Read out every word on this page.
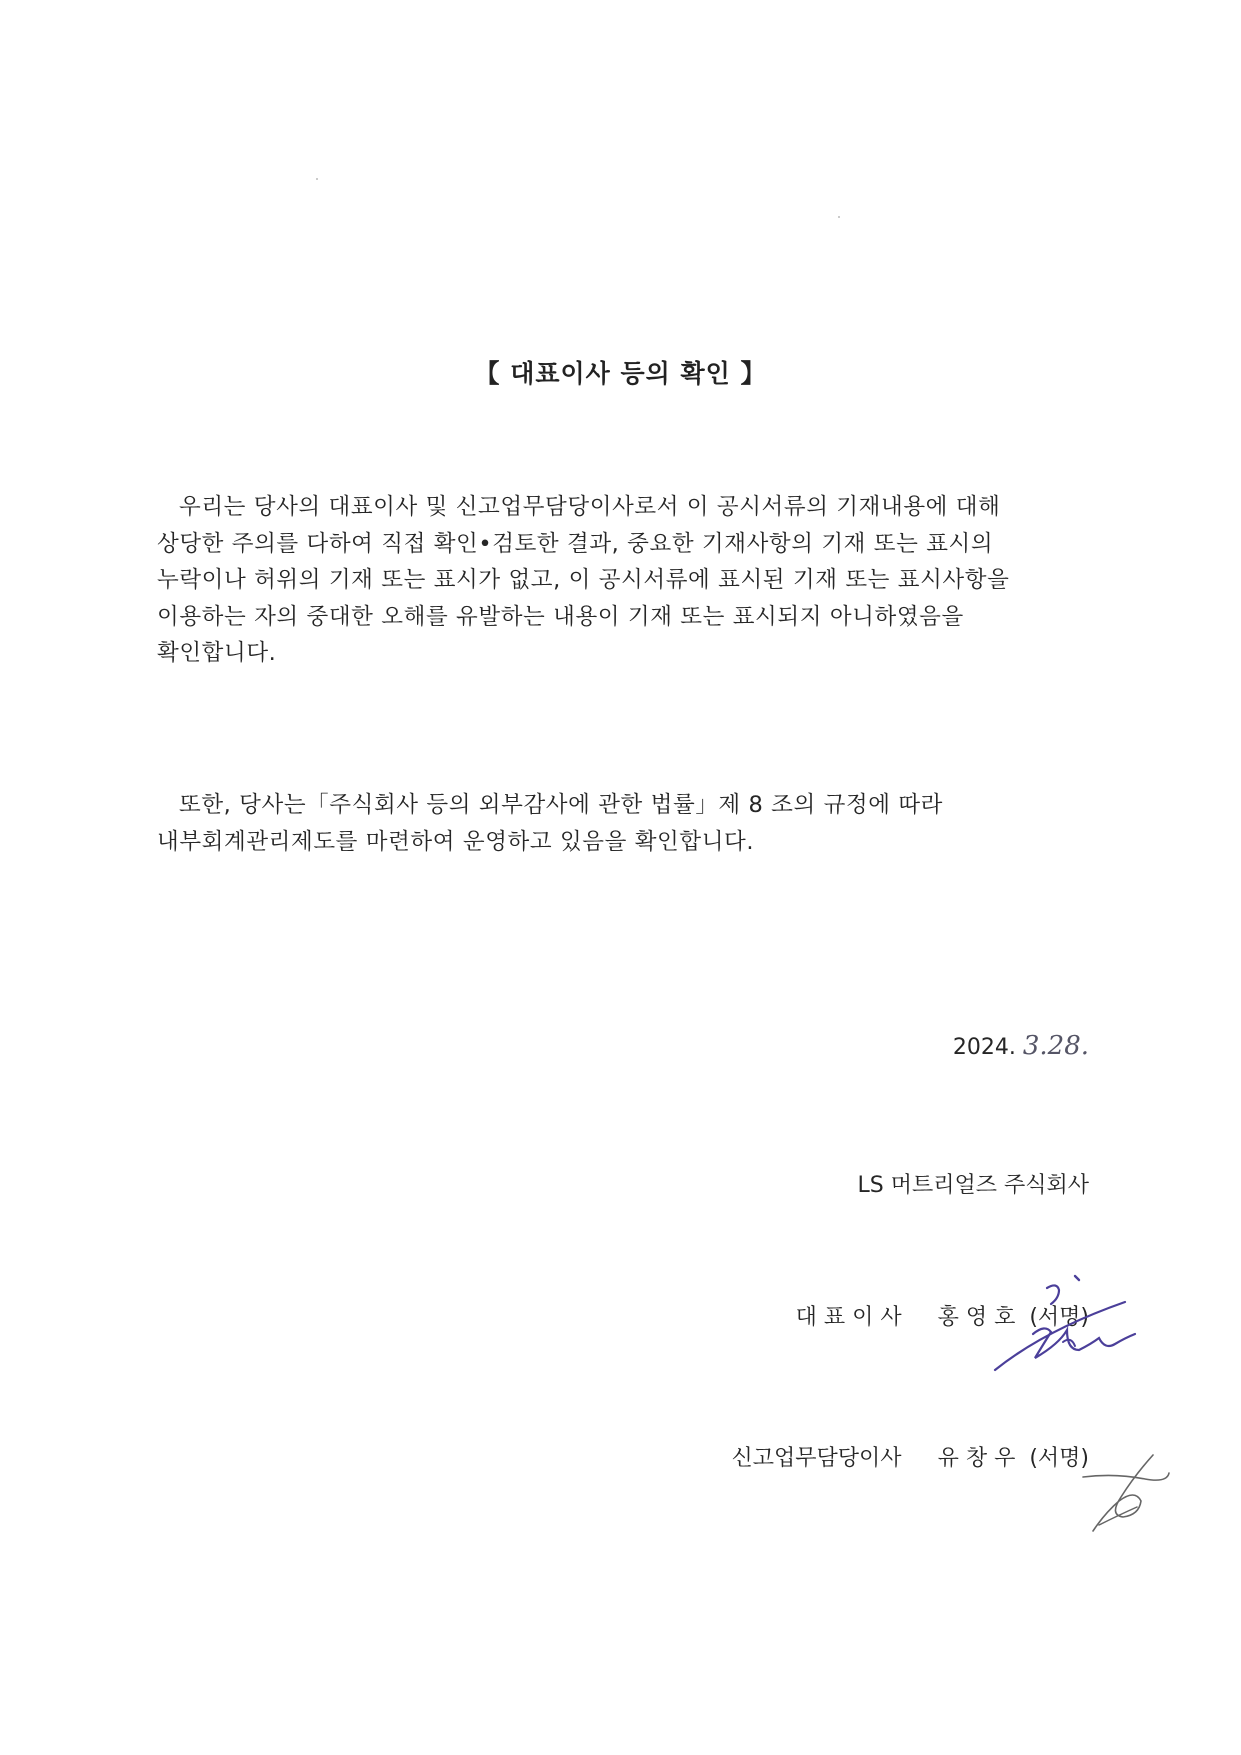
【 대표이사 등의 확인 】
우리는 당사의 대표이사 및 신고업무담당이사로서 이 공시서류의 기재내용에 대해
상당한 주의를 다하여 직접 확인•검토한 결과, 중요한 기재사항의 기재 또는 표시의
누락이나 허위의 기재 또는 표시가 없고, 이 공시서류에 표시된 기재 또는 표시사항을
이용하는 자의 중대한 오해를 유발하는 내용이 기재 또는 표시되지 아니하였음을
확인합니다.
또한, 당사는「주식회사 등의 외부감사에 관한 법률」제 8 조의 규정에 따라
내부회계관리제도를 마련하여 운영하고 있음을 확인합니다.
2024. 3.28.
LS 머트리얼즈 주식회사
대 표 이 사 홍 영 호 (서명)
신고업무담당이사 유 창 우 (서명)
